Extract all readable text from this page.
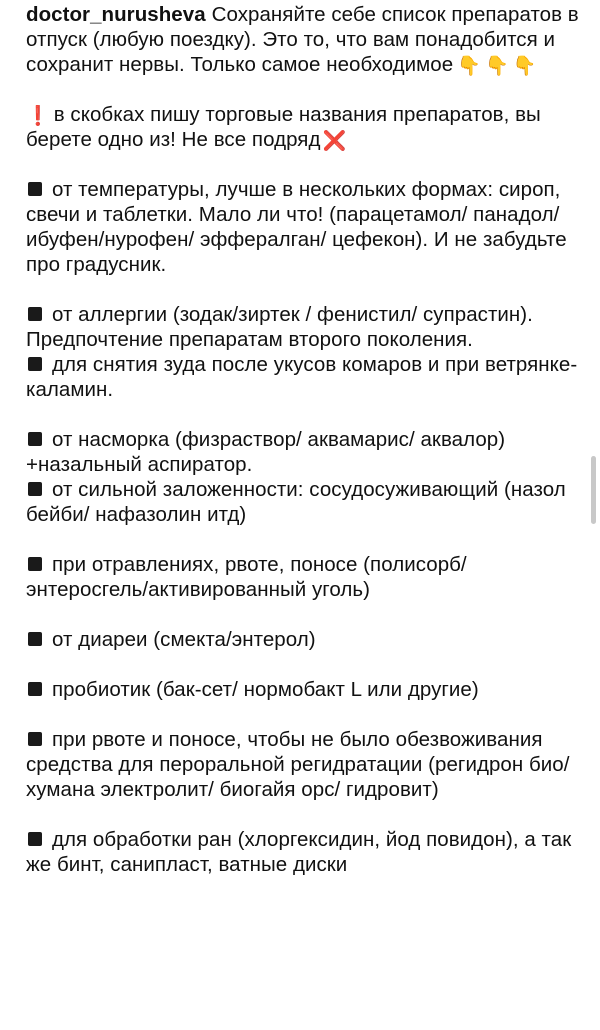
doctor_nurusheva Сохраняйте себе список препаратов в отпуск (любую поездку). Это то, что вам понадобится и сохранит нервы. Только самое необходимое 👇 👇 👇

❗ в скобках пишу торговые названия препаратов, вы берете одно из! Не все подряд ❌

от температуры, лучше в нескольких формах: сироп, свечи и таблетки. Мало ли что! (парацетамол/ панадол/ ибуфен/нурофен/ эффералган/ цефекон). И не забудьте про градусник.

от аллергии (зодак/зиртек / фенистил/ супрастин). Предпочтение препаратам второго поколения.

для снятия зуда после укусов комаров и при ветрянке- каламин.

от насморка (физраствор/ аквамарис/ аквалор) +назальный аспиратор.

от сильной заложенности: сосудосуживающий (назол бейби/ нафазолин итд)

при отравлениях, рвоте, поносе (полисорб/ энтеросгель/активированный уголь)

от диареи (смекта/энтерол)

пробиотик (бак-сет/ нормобакт L или другие)

при рвоте и поносе, чтобы не было обезвоживания средства для пероральной регидратации (регидрон био/ хумана электролит/ биогайя орс/ гидровит)

для обработки ран (хлоргексидин, йод повидон), а так же бинт, санипласт, ватные диски
